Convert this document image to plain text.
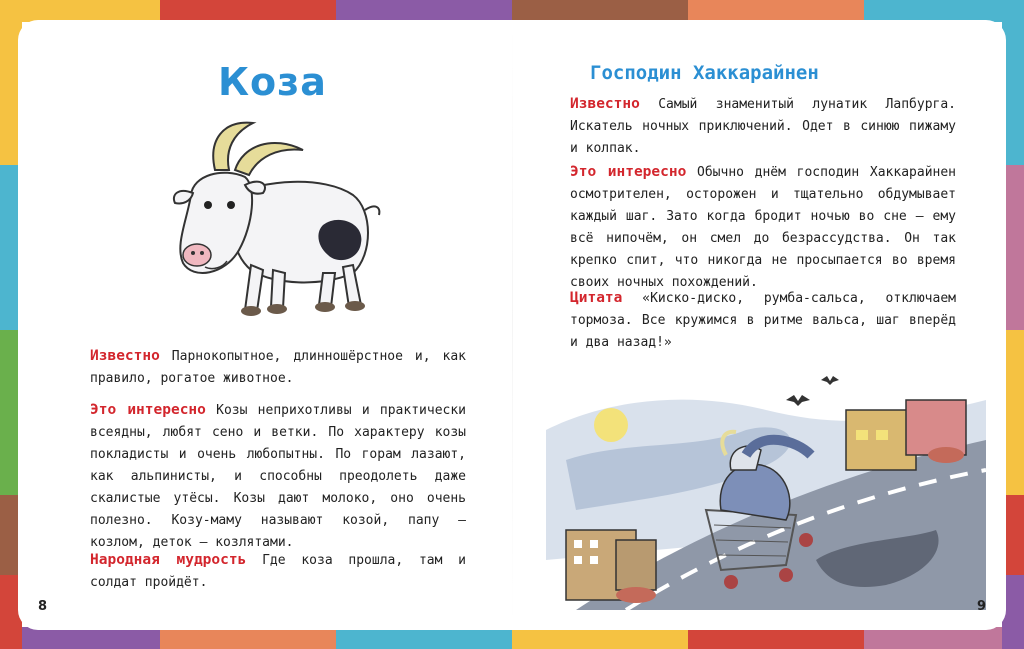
Коза
Известно Парнокопытное, длинношёрстное и, как правило, рогатое животное.
Это интересно Козы неприхотливы и практически всеядны, любят сено и ветки. По характеру козы покладисты и очень любопытны. По горам лазают, как альпинисты, и способны преодолеть даже скалистые утёсы. Козы дают молоко, оно очень полезно. Козу-маму называют козой, папу — козлом, деток — козлятами.
Народная мудрость Где коза прошла, там и солдат пройдёт.
8
Господин Хаккарайнен
Известно Самый знаменитый лунатик Лапбурга. Искатель ночных приключений. Одет в синюю пижаму и колпак.
Это интересно Обычно днём господин Хаккарайнен осмотрителен, осторожен и тщательно обдумывает каждый шаг. Зато когда бродит ночью во сне — ему всё нипочём, он смел до безрассудства. Он так крепко спит, что никогда не просыпается во время своих ночных похождений.
Цитата «Киско-диско, румба-сальса, отключаем тормоза. Все кружимся в ритме вальса, шаг вперёд и два назад!»
9
